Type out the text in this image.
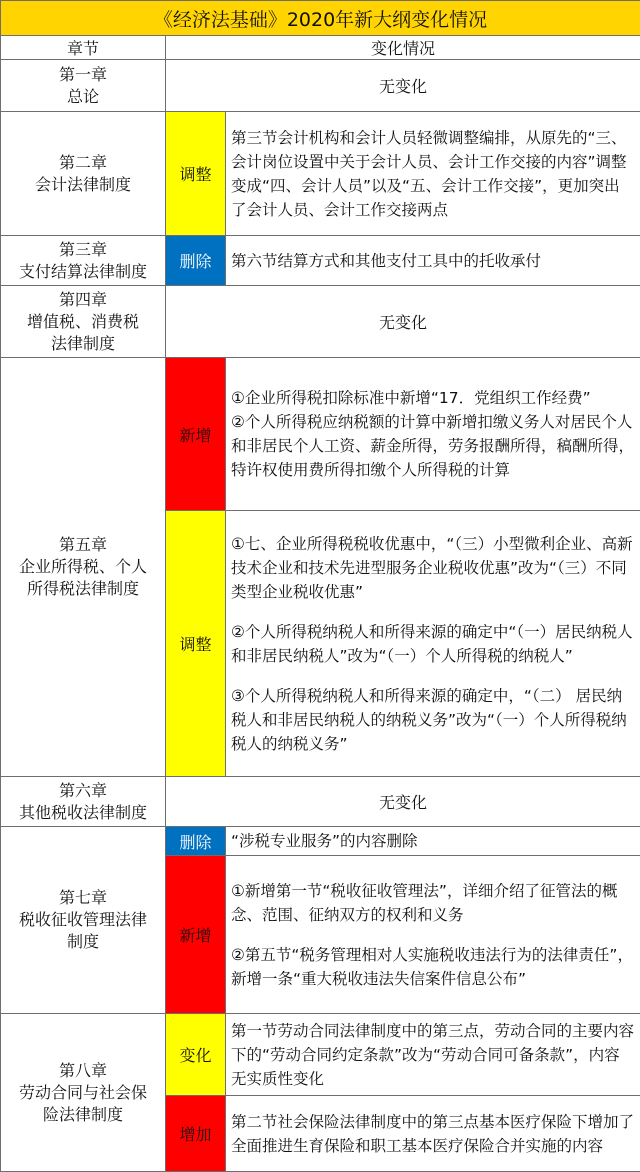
《经济法基础》2020年新大纲变化情况		
章节	变化情况	

第一章
总论	无变化	

第二章
会计法律制度	调整	第三节会计机构和会计人员轻微调整编排，从原先的“三、会计岗位设置中关于会计人员、会计工作交接的内容”调整变成“四、会计人员”以及“五、会计工作交接”，更加突出了会计人员、会计工作交接两点

第三章
支付结算法律制度	删除	第六节结算方式和其他支付工具中的托收承付

第四章
增值税、消费税
法律制度	无变化	

第五章
企业所得税、个人
所得税法律制度	新增	①企业所得税扣除标准中新增“17．党组织工作经费”
②个人所得税应纳税额的计算中新增扣缴义务人对居民个人和非居民个人工资、薪金所得，劳务报酬所得，稿酬所得，特许权使用费所得扣缴个人所得税的计算

	调整	①七、企业所得税税收优惠中，“（三）小型微利企业、高新技术企业和技术先进型服务企业税收优惠”改为“（三）不同类型企业税收优惠”
②个人所得税纳税人和所得来源的确定中“（一）居民纳税人和非居民纳税人”改为“（一）个人所得税的纳税人”
③个人所得税纳税人和所得来源的确定中，“（二） 居民纳税人和非居民纳税人的纳税义务”改为“（一）个人所得税纳税人的纳税义务”

第六章
其他税收法律制度	无变化	

第七章
税收征收管理法律
制度	删除	“涉税专业服务”的内容删除
	新增	①新增第一节“税收征收管理法”，详细介绍了征管法的概念、范围、征纳双方的权利和义务
②第五节“税务管理相对人实施税收违法行为的法律责任”，新增一条“重大税收违法失信案件信息公布”

第八章
劳动合同与社会保
险法律制度	变化	第一节劳动合同法律制度中的第三点，劳动合同的主要内容下的“劳动合同约定条款”改为“劳动合同可备条款”，内容无实质性变化
	增加	第二节社会保险法律制度中的第三点基本医疗保险下增加了全面推进生育保险和职工基本医疗保险合并实施的内容
